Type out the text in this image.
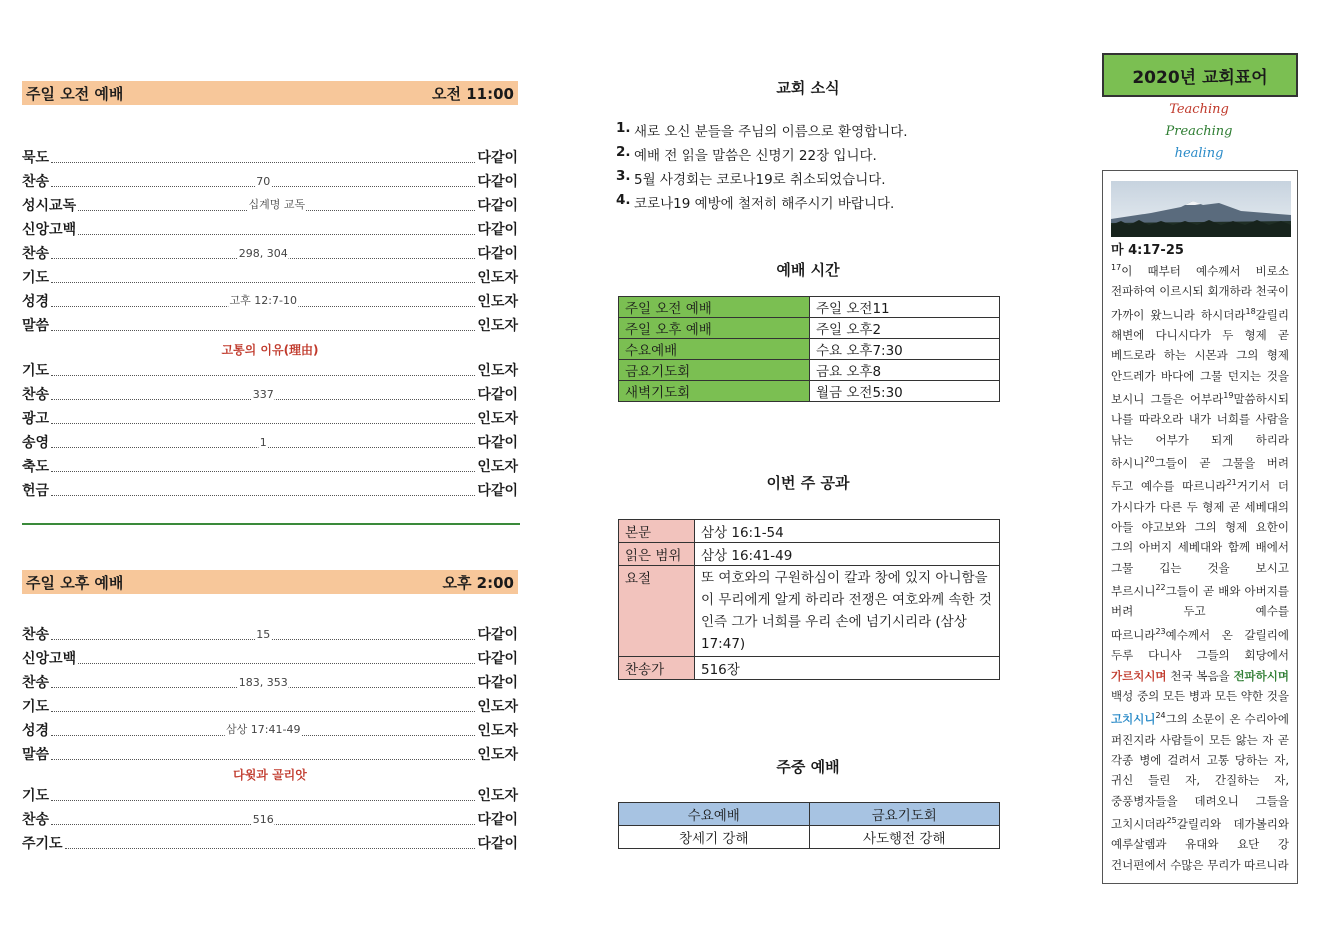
주일 오전 예배	오전 11:00
묵도	다같이
찬송	70	다같이
성시교독	십계명 교독	다같이
신앙고백	다같이
찬송	298, 304	다같이
기도	인도자
성경	고후 12:7-10	인도자
말씀	인도자
고통의 이유(理由)
기도	인도자
찬송	337	다같이
광고	인도자
송영	1	다같이
축도	인도자
헌금	다같이
주일 오후 예배	오후 2:00
찬송	15	다같이
신앙고백	다같이
찬송	183, 353	다같이
기도	인도자
성경	삼상 17:41-49	인도자
말씀	인도자
다윗과 골리앗
기도	인도자
찬송	516	다같이
주기도	다같이
교회 소식
1. 새로 오신 분들을 주님의 이름으로 환영합니다.
2. 예배 전 읽을 말씀은 신명기 22장 입니다.
3. 5월 사경회는 코로나19로 취소되었습니다.
4. 코로나19 예방에 철저히 해주시기 바랍니다.
예배 시간
주일 오전 예배	주일 오전11
주일 오후 예배	주일 오후2
수요예배	수요 오후7:30
금요기도회	금요 오후8
새벽기도회	월금 오전5:30
이번 주 공과
본문	삼상 16:1-54
읽은 범위	삼상 16:41-49
요절	또 여호와의 구원하심이 칼과 창에 있지 아니함을 이 무리에게 알게 하리라 전쟁은 여호와께 속한 것인즉 그가 너희를 우리 손에 넘기시리라 (삼상 17:47)
찬송가	516장
주중 예배
수요예배	금요기도회
창세기 강해	사도행전 강해
2020년 교회표어
Teaching
Preaching
healing
마 4:17-25
$^{17}$이 때부터 예수께서 비로소 전파하여 이르시되 회개하라 천국이 가까이 왔느니라 하시더라$^{18}$갈릴리 해변에 다니시다가 두 형제 곧 베드로라 하는 시몬과 그의 형제 안드레가 바다에 그물 던지는 것을 보시니 그들은 어부라$^{19}$말씀하시되 나를 따라오라 내가 너희를 사람을 낚는 어부가 되게 하리라 하시니$^{20}$그들이 곧 그물을 버려 두고 예수를 따르니라$^{21}$거기서 더 가시다가 다른 두 형제 곧 세베대의 아들 야고보와 그의 형제 요한이 그의 아버지 세베대와 함께 배에서 그물 깁는 것을 보시고 부르시니$^{22}$그들이 곧 배와 아버지를 버려 두고 예수를 따르니라$^{23}$예수께서 온 갈릴리에 두루 다니사 그들의 회당에서 가르치시며 천국 복음을 전파하시며 백성 중의 모든 병과 모든 약한 것을 고치시니$^{24}$그의 소문이 온 수리아에 퍼진지라 사람들이 모든 앓는 자 곧 각종 병에 걸려서 고통 당하는 자, 귀신 들린 자, 간질하는 자, 중풍병자들을 데려오니 그들을 고치시더라$^{25}$갈릴리와 데가볼리와 예루살렘과 유대와 요단 강 건너편에서 수많은 무리가 따르니라
